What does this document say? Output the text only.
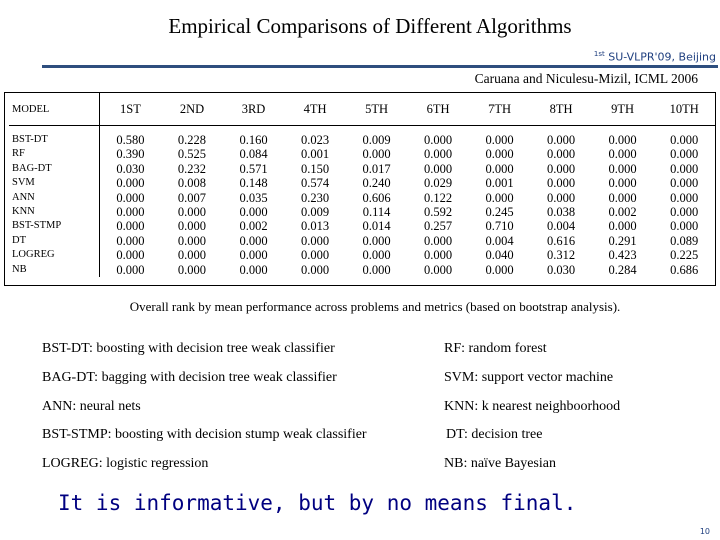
Empirical Comparisons of Different Algorithms
$^{1st}$ SU-VLPR'09, Beijing
Caruana and Niculesu-Mizil, ICML 2006
MODEL	1ST	2ND	3RD	4TH	5TH	6TH	7TH	8TH	9TH	10TH
BST-DT	0.580	0.228	0.160	0.023	0.009	0.000	0.000	0.000	0.000	0.000
RF	0.390	0.525	0.084	0.001	0.000	0.000	0.000	0.000	0.000	0.000
BAG-DT	0.030	0.232	0.571	0.150	0.017	0.000	0.000	0.000	0.000	0.000
SVM	0.000	0.008	0.148	0.574	0.240	0.029	0.001	0.000	0.000	0.000
ANN	0.000	0.007	0.035	0.230	0.606	0.122	0.000	0.000	0.000	0.000
KNN	0.000	0.000	0.000	0.009	0.114	0.592	0.245	0.038	0.002	0.000
BST-STMP	0.000	0.000	0.002	0.013	0.014	0.257	0.710	0.004	0.000	0.000
DT	0.000	0.000	0.000	0.000	0.000	0.000	0.004	0.616	0.291	0.089
LOGREG	0.000	0.000	0.000	0.000	0.000	0.000	0.040	0.312	0.423	0.225
NB	0.000	0.000	0.000	0.000	0.000	0.000	0.000	0.030	0.284	0.686
Overall rank by mean performance across problems and metrics (based on bootstrap analysis).
BST-DT: boosting with decision tree weak classifier	RF: random forest
BAG-DT: bagging with decision tree weak classifier	SVM: support vector machine
ANN: neural nets	KNN: k nearest neighboorhood
BST-STMP: boosting with decision stump weak classifier	DT: decision tree
LOGREG: logistic regression	NB: naïve Bayesian
It is informative, but by no means final.
10
